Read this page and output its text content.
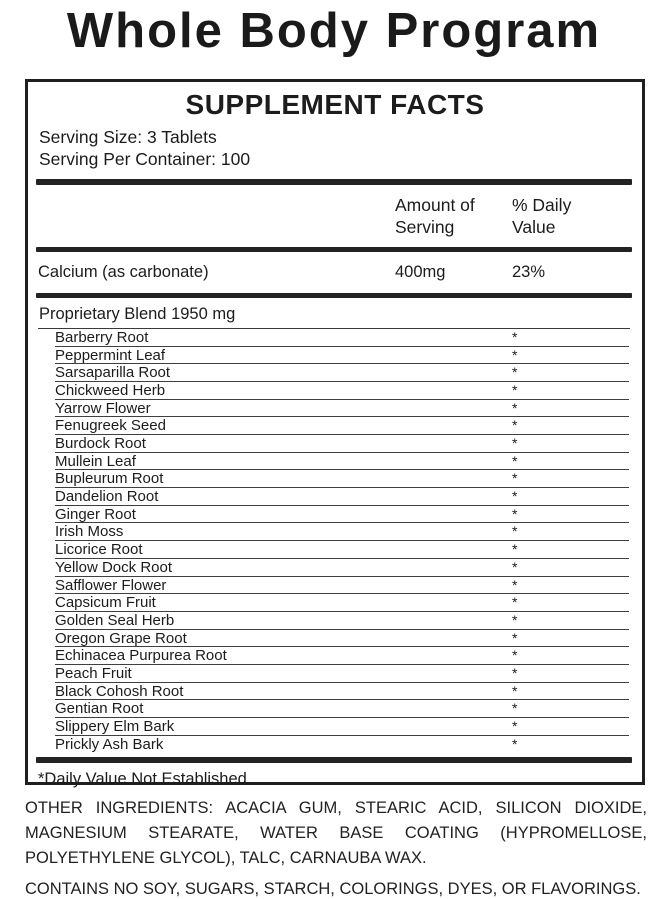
Whole Body Program
SUPPLEMENT FACTS
Serving Size: 3 Tablets
Serving Per Container: 100
Amount of Serving
% Daily Value
Calcium (as carbonate)	400mg	23%
Proprietary Blend 1950 mg
Barberry Root	*
Peppermint Leaf	*
Sarsaparilla Root	*
Chickweed Herb	*
Yarrow Flower	*
Fenugreek Seed	*
Burdock Root	*
Mullein Leaf	*
Bupleurum Root	*
Dandelion Root	*
Ginger Root	*
Irish Moss	*
Licorice Root	*
Yellow Dock Root	*
Safflower Flower	*
Capsicum Fruit	*
Golden Seal Herb	*
Oregon Grape Root	*
Echinacea Purpurea Root	*
Peach Fruit	*
Black Cohosh Root	*
Gentian Root	*
Slippery Elm Bark	*
Prickly Ash Bark	*
*Daily Value Not Established

OTHER INGREDIENTS: ACACIA GUM, STEARIC ACID, SILICON DIOXIDE, MAGNESIUM STEARATE, WATER BASE COATING (HYPROMELLOSE, POLYETHYLENE GLYCOL), TALC, CARNAUBA WAX.

CONTAINS NO SOY, SUGARS, STARCH, COLORINGS, DYES, OR FLAVORINGS.
